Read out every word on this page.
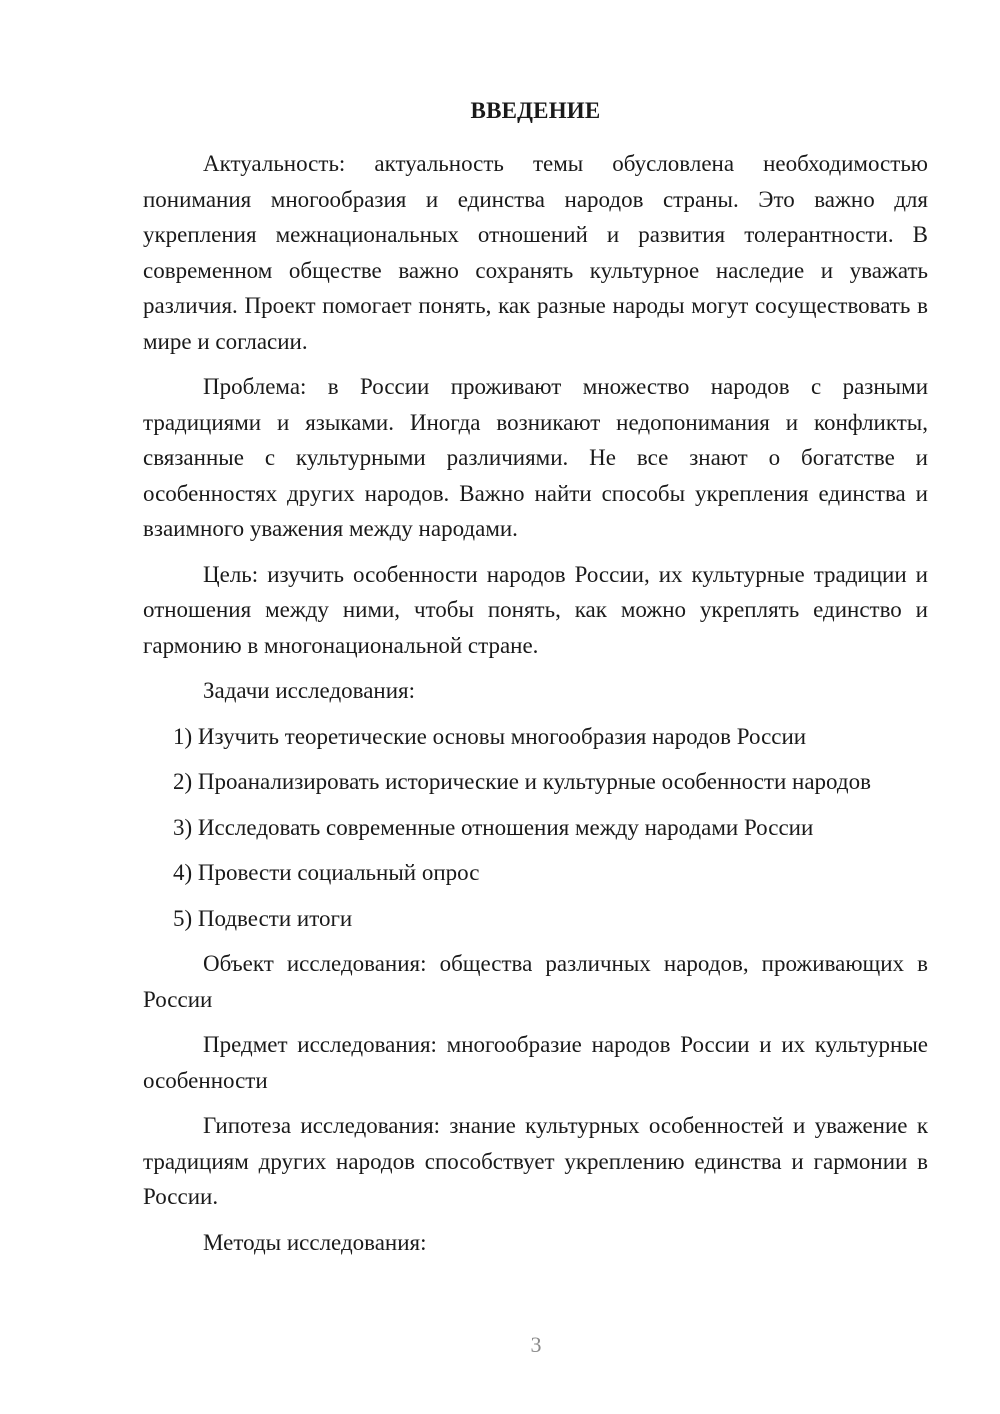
ВВЕДЕНИЕ

Актуальность: актуальность темы обусловлена необходимостью понимания многообразия и единства народов страны. Это важно для укрепления межнациональных отношений и развития толерантности. В современном обществе важно сохранять культурное наследие и уважать различия. Проект помогает понять, как разные народы могут сосуществовать в мире и согласии.

Проблема: в России проживают множество народов с разными традициями и языками. Иногда возникают недопонимания и конфликты, связанные с культурными различиями. Не все знают о богатстве и особенностях других народов. Важно найти способы укрепления единства и взаимного уважения между народами.

Цель: изучить особенности народов России, их культурные традиции и отношения между ними, чтобы понять, как можно укреплять единство и гармонию в многонациональной стране.

Задачи исследования:

1) Изучить теоретические основы многообразия народов России

2) Проанализировать исторические и культурные особенности народов

3) Исследовать современные отношения между народами России

4) Провести социальный опрос

5) Подвести итоги

Объект исследования: общества различных народов, проживающих в России

Предмет исследования: многообразие народов России и их культурные особенности

Гипотеза исследования: знание культурных особенностей и уважение к традициям других народов способствует укреплению единства и гармонии в России.

Методы исследования:

3
